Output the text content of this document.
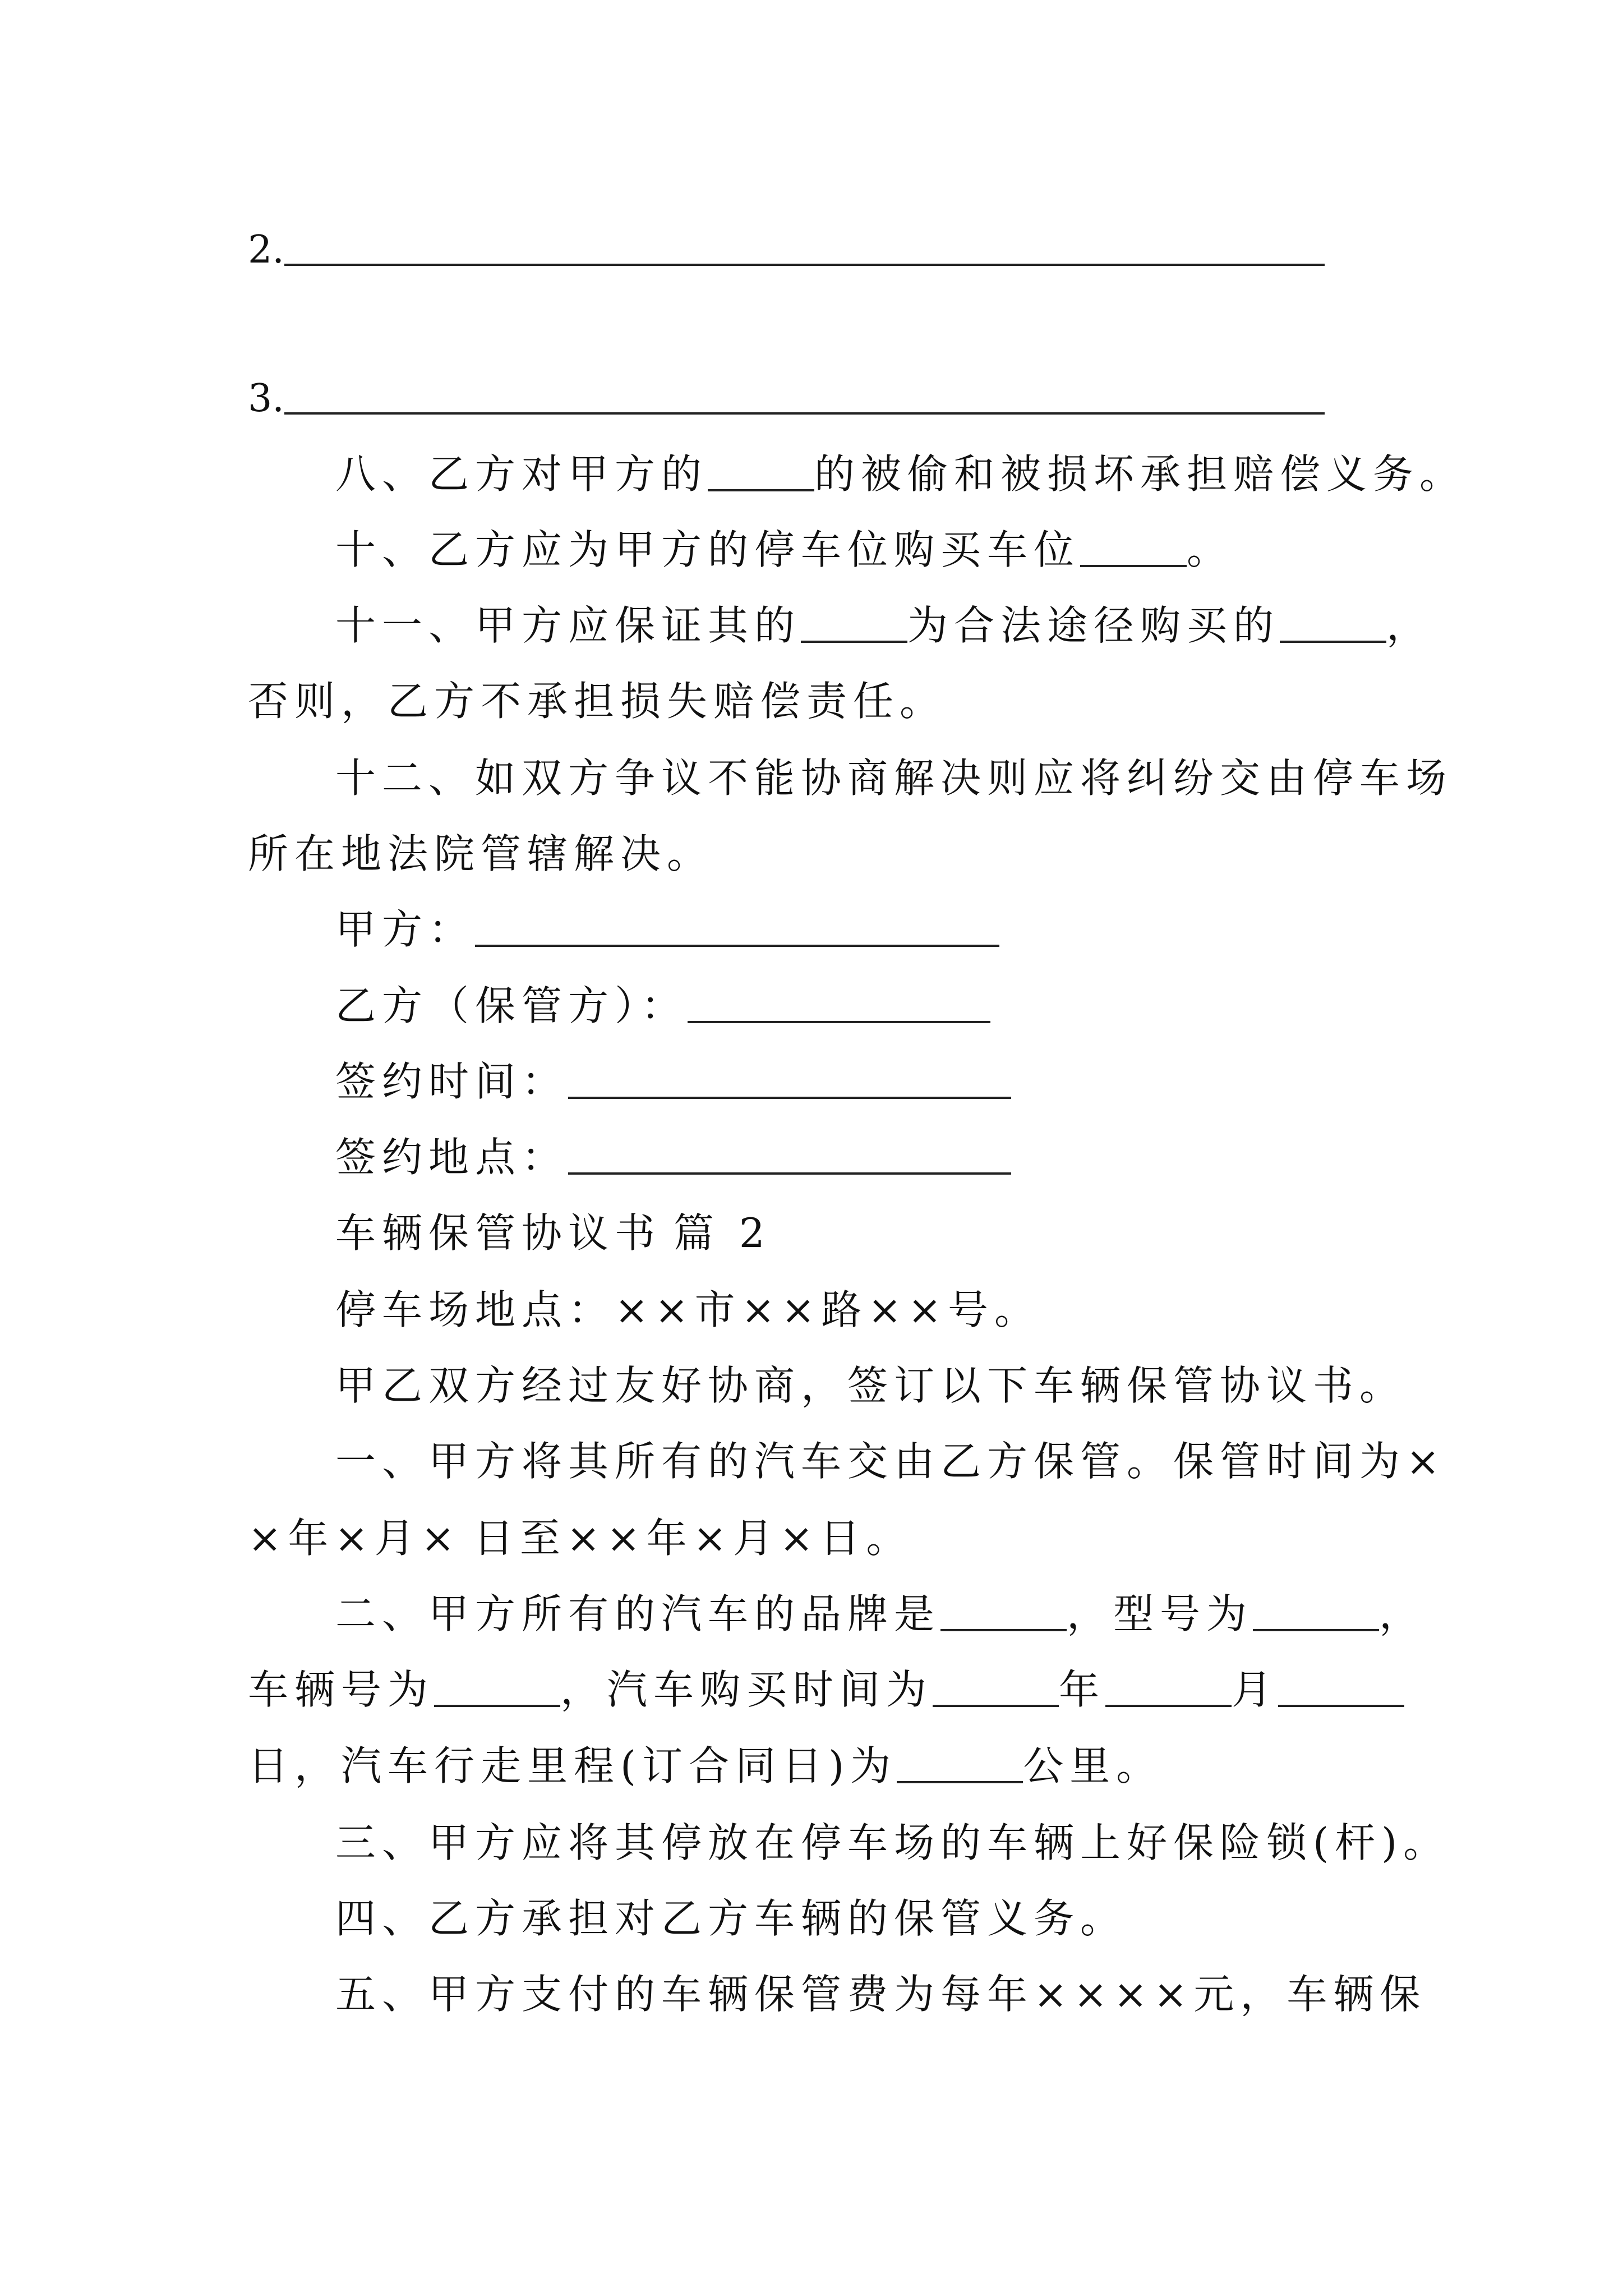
2.
3.
八、乙方对甲方的	的被偷和被损坏承担赔偿义务。
十、乙方应为甲方的停车位购买车位	。
十一、甲方应保证其的	为合法途径购买的	，
否则，乙方不承担损失赔偿责任。
十二、如双方争议不能协商解决则应将纠纷交由停车场
所在地法院管辖解决。
甲方：
乙方（保管方）：
签约时间：
签约地点：
车辆保管协议书 篇 2
停车场地点：××市××路××号。
甲乙双方经过友好协商，签订以下车辆保管协议书。
一、甲方将其所有的汽车交由乙方保管。保管时间为×
×年×月× 日至××年×月×日。
二、甲方所有的汽车的品牌是	，型号为	，
车辆号为	，汽车购买时间为	年	月
日，汽车行走里程(订合同日)为	公里。
三、甲方应将其停放在停车场的车辆上好保险锁(杆)。
四、乙方承担对乙方车辆的保管义务。
五、甲方支付的车辆保管费为每年××××元，车辆保
